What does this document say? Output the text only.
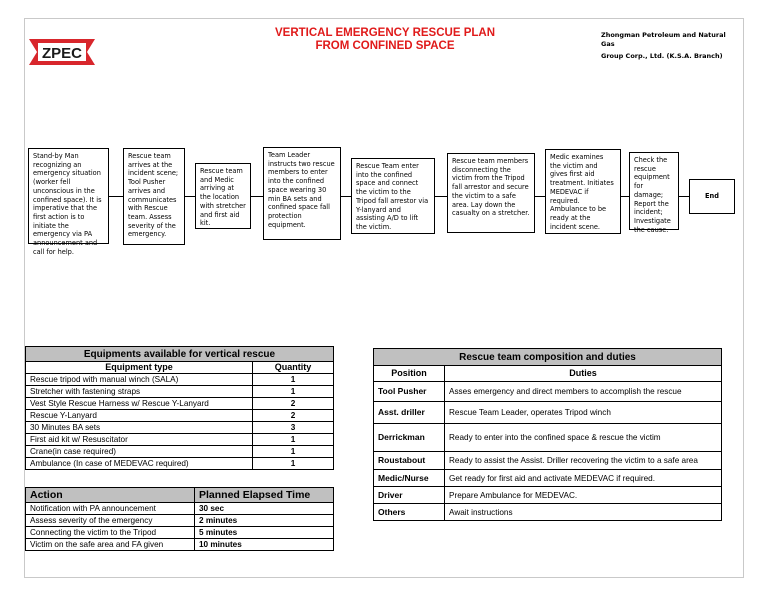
ZPEC
VERTICAL EMERGENCY RESCUE PLAN
FROM CONFINED SPACE
Zhongman Petroleum and Natural
Gas
Group Corp., Ltd. (K.S.A. Branch)
Stand-by Man recognizing an emergency situation (worker fell unconscious in the confined space). It is imperative that the first action is to initiate the emergency via PA announcement and call for help.
Rescue team arrives at the incident scene; Tool Pusher arrives and communicates with Rescue team. Assess severity of the emergency.
Rescue team and Medic arriving at the location with stretcher and first aid kit.
Team Leader instructs two rescue members to enter into the confined space wearing 30 min BA sets and confined space fall protection equipment.
Rescue Team enter into the confined space and connect the victim to the Tripod fall arrestor via Y-lanyard and assisting A/D to lift the victim.
Rescue team members disconnecting the victim from the Tripod fall arrestor and secure the victim to a safe area. Lay down the casualty on a stretcher.
Medic examines the victim and gives first aid treatment. Initiates MEDEVAC if required. Ambulance to be ready at the incident scene.
Check the rescue equipment for damage; Report the incident; Investigate the cause.
End
Equipments available for vertical rescue	
Equipment type	Quantity
Rescue tripod with manual winch (SALA)	1
Stretcher with fastening straps	1
Vest Style Rescue Harness w/ Rescue Y-Lanyard	2
Rescue Y-Lanyard	2
30 Minutes BA sets	3
First aid kit w/ Resuscitator	1
Crane(in case required)	1
Ambulance (In case of MEDEVAC required)	1
Action	Planned Elapsed Time
Notification with PA announcement	30 sec
Assess severity of the emergency	2 minutes
Connecting the victim to the Tripod	5 minutes
Victim on the safe area and FA given	10 minutes
Rescue team composition and duties	
Position	Duties
Tool Pusher	Asses emergency and direct members to accomplish the rescue
Asst. driller	Rescue Team Leader, operates Tripod winch
Derrickman	Ready to enter into the confined space & rescue the victim
Roustabout	Ready to assist the Assist. Driller recovering the victim to a safe area
Medic/Nurse	Get ready for first aid and activate MEDEVAC if required.
Driver	Prepare Ambulance for MEDEVAC.
Others	Await instructions
